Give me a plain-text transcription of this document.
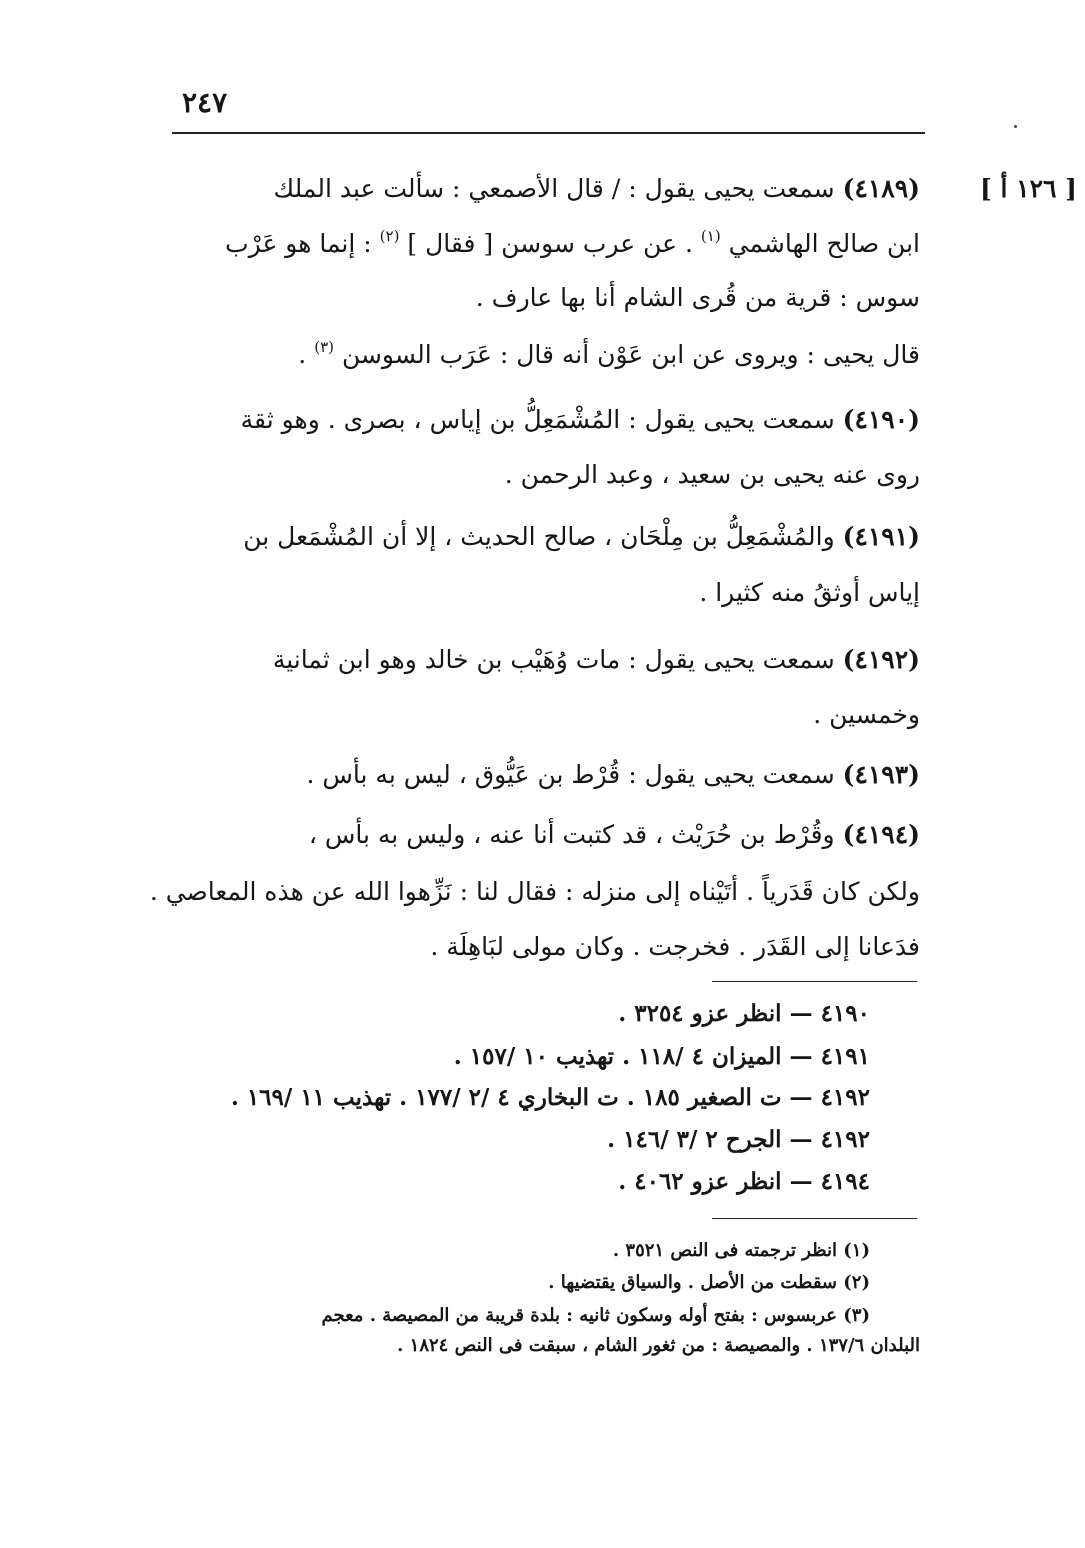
٢٤٧
[ ١٢٦ أ ]
(٤١٨٩) سمعت يحيى يقول : / قال الأصمعي : سألت عبد الملك
ابن صالح الهاشمي $^{(١)}$ . عن عرب سوسن [ فقال ] $^{(٢)}$ : إنما هو عَرْب
سوس : قرية من قُرى الشام أنا بها عارف .
قال يحيى : ويروى عن ابن عَوْن أنه قال : عَرَب السوسن $^{(٣)}$ .
(٤١٩٠) سمعت يحيى يقول : المُشْمَعِلُّ بن إياس ، بصرى . وهو ثقة
روى عنه يحيى بن سعيد ، وعبد الرحمن .
(٤١٩١) والمُشْمَعِلُّ بن مِلْحَان ، صالح الحديث ، إلا أن المُشْمَعل بن
إياس أوثقُ منه كثيرا .
(٤١٩٢) سمعت يحيى يقول : مات وُهَيْب بن خالد وهو ابن ثمانية
وخمسين .
(٤١٩٣) سمعت يحيى يقول : قُرْط بن عَيُّوق ، ليس به بأس .
(٤١٩٤) وقُرْط بن حُرَيْث ، قد كتبت أنا عنه ، وليس به بأس ،
ولكن كان قَدَرياً . أتَيْناه إلى منزله : فقال لنا : نَزِّهوا الله عن هذه المعاصي .
فدَعانا إلى القَدَر . فخرجت . وكان مولى لبَاهِلَة .
٤١٩٠ — انظر عزو ٣٢٥٤ .
٤١٩١ — الميزان ٤ /١١٨ . تهذيب ١٠ /١٥٧ .
٤١٩٢ — ت الصغير ١٨٥ . ت البخاري ٤ /٢ /١٧٧ . تهذيب ١١ /١٦٩ .
٤١٩٢ — الجرح ٢ /٣ /١٤٦ .
٤١٩٤ — انظر عزو ٤٠٦٢ .
(١) انظر ترجمته فى النص ٣٥٢١ .
(٢) سقطت من الأصل . والسياق يقتضيها .
(٣) عربسوس : بفتح أوله وسكون ثانيه : بلدة قريبة من المصيصة . معجم
البلدان ١٣٧/٦ . والمصيصة : من ثغور الشام ، سبقت فى النص ١٨٢٤ .
